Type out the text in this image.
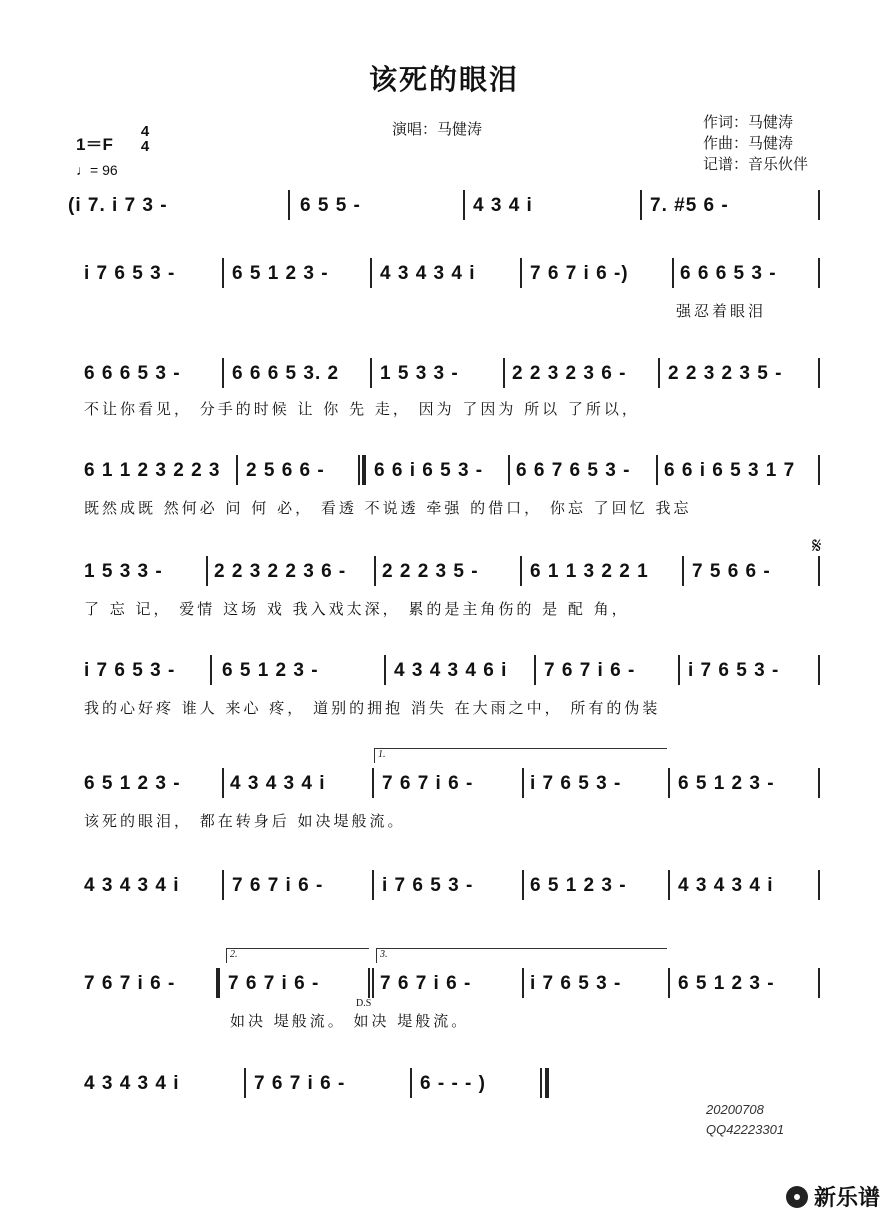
该死的眼泪
演唱：马健涛	作词：马健涛
作曲：马健涛
记谱：音乐伙伴
1＝F
4
4
♩= 96
(i 7. i 7 3 -	6 5 5 -	4 3 4 i	7. #5 6 -
i 7 6 5 3 -	6 5 1 2 3 -	4 3 4 3 4 i	7 6 7 i 6 -)	6 6 6 5 3 -
强忍着眼泪
6 6 6 5 3 -	6 6 6 5 3. 2 1 5 3 3 -	2 2 3 2 3 6 - 2 2 3 2 3 5 -
不让你看见， 分手的时候 让 你 先 走， 因为 了因为 所以 了所以，
6 1 1 2 3 2 2 3 2 5 6 6 -	6 6 i 6 5 3 - 6 6 7 6 5 3 - 6 6 i 6 5 3 1 7
既然成既 然何必 问 何 必， 看透 不说透 牵强 的借口， 你忘 了回忆 我忘
1 5 3 3 -	2 2 3 2 2 3 6 - 2 2 2 3 5 -	6 1 1 3 2 2 1 7 5 6 6 -
𝄋
了 忘 记， 爱情 这场 戏 我入戏太深， 累的是主角伤的 是 配 角，
i 7 6 5 3 - 6 5 1 2 3 -	4 3 4 3 4 6 i 7 6 7 i 6 -	i 7 6 5 3 -
我的心好疼 谁人 来心 疼， 道别的拥抱 消失 在大雨之中， 所有的伪装
1.
6 5 1 2 3 -	4 3 4 3 4 i	7 6 7 i 6 -	i 7 6 5 3 -	6 5 1 2 3 -
该死的眼泪， 都在转身后 如决堤般流。
4 3 4 3 4 i	7 6 7 i 6 -	i 7 6 5 3 -	6 5 1 2 3 -	4 3 4 3 4 i
2.	3.
7 6 7 i 6 -	7 6 7 i 6 -
D.S
7 6 7 i 6 -	i 7 6 5 3 -	6 5 1 2 3 -
如决 堤般流。 如决 堤般流。
4 3 4 3 4 i	7 6 7 i 6 -	6 - - - )
20200708
QQ42223301
新乐谱
